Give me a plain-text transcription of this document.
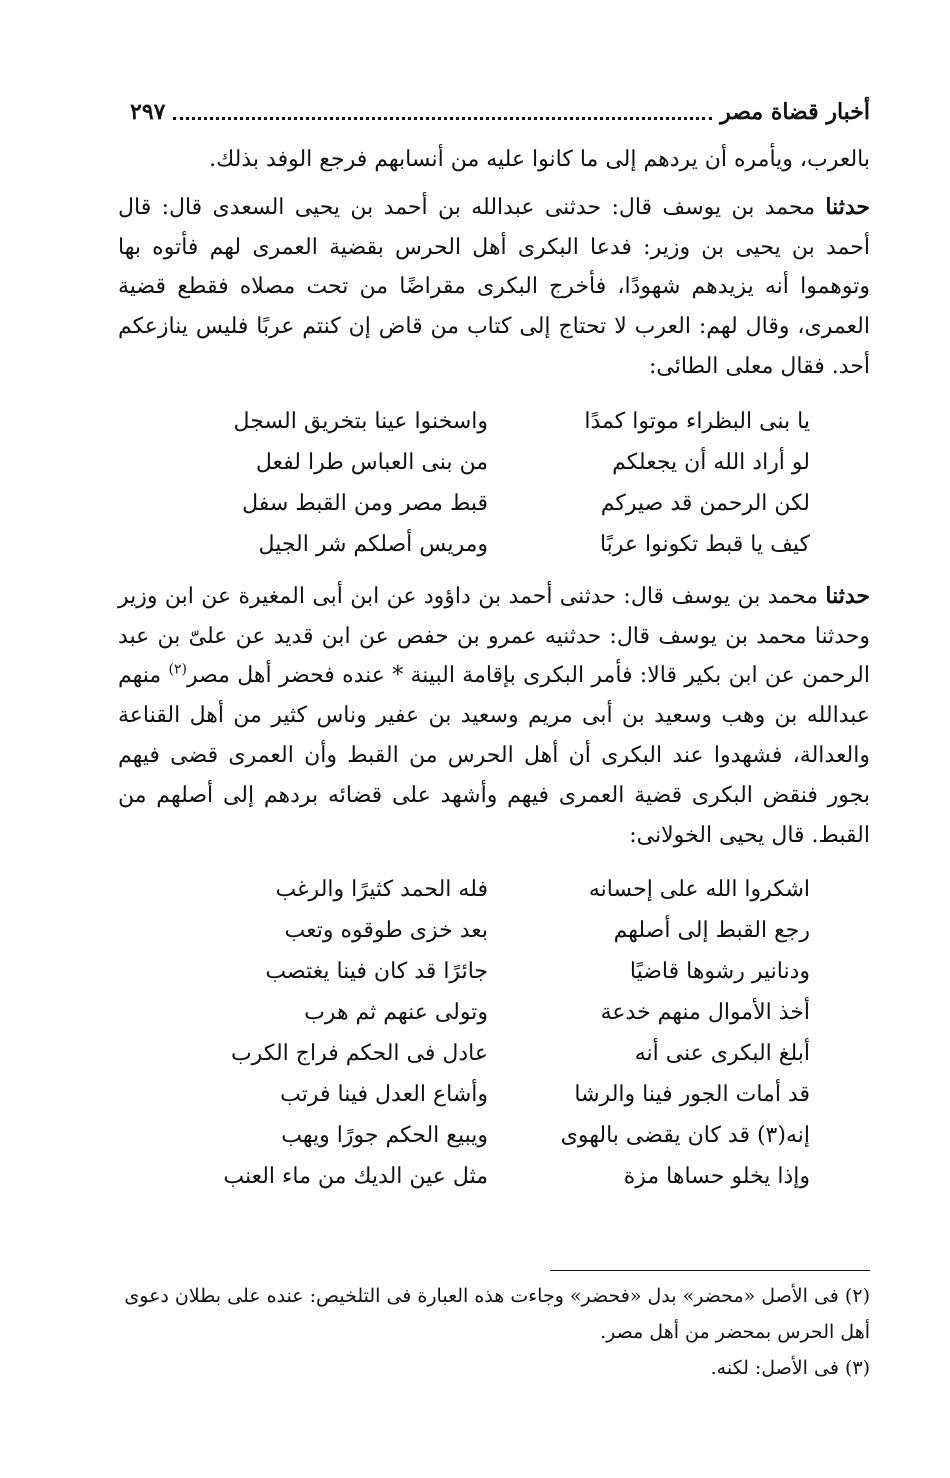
أخبار قضاة مصر
٢٩٧

بالعرب، ويأمره أن يردهم إلى ما كانوا عليه من أنسابهم فرجع الوفد بذلك.

حدثنا محمد بن يوسف قال: حدثنى عبدالله بن أحمد بن يحيى السعدى قال: قال أحمد بن يحيى بن وزير: فدعا البكرى أهل الحرس بقضية العمرى لهم فأتوه بها وتوهموا أنه يزيدهم شهودًا، فأخرج البكرى مقراضًا من تحت مصلاه فقطع قضية العمرى، وقال لهم: العرب لا تحتاج إلى كتاب من قاض إن كنتم عربًا فليس ينازعكم أحد. فقال معلى الطائى:

يا بنى البظراء موتوا كمدًا
واسخنوا عينا بتخريق السجل
لو أراد الله أن يجعلكم
من بنى العباس طرا لفعل
لكن الرحمن قد صيركم
قبط مصر ومن القبط سفل
كيف يا قبط تكونوا عربًا
ومريس أصلكم شر الجيل

حدثنا محمد بن يوسف قال: حدثنى أحمد بن داؤود عن ابن أبى المغيرة عن ابن وزير وحدثنا محمد بن يوسف قال: حدثنيه عمرو بن حفص عن ابن قديد عن علىّ بن عبد الرحمن عن ابن بكير قالا: فأمر البكرى بإقامة البينة * عنده فحضر أهل مصر$^{(٢)}$ منهم عبدالله بن وهب وسعيد بن أبى مريم وسعيد بن عفير وناس كثير من أهل القناعة والعدالة، فشهدوا عند البكرى أن أهل الحرس من القبط وأن العمرى قضى فيهم بجور فنقض البكرى قضية العمرى فيهم وأشهد على قضائه بردهم إلى أصلهم من القبط. قال يحيى الخولانى:

اشكروا الله على إحسانه
فله الحمد كثيرًا والرغب
رجع القبط إلى أصلهم
بعد خزى طوقوه وتعب
ودنانير رشوها قاضيًا
جائرًا قد كان فينا يغتصب
أخذ الأموال منهم خدعة
وتولى عنهم ثم هرب
أبلغ البكرى عنى أنه
عادل فى الحكم فراج الكرب
قد أمات الجور فينا والرشا
وأشاع العدل فينا فرتب
إنه(٣) قد كان يقضى بالهوى
ويبيع الحكم جورًا ويهب
وإذا يخلو حساها مزة
مثل عين الديك من ماء العنب

(٢) فى الأصل «محضر» بدل «فحضر» وجاءت هذه العبارة فى التلخيص: عنده على بطلان دعوى أهل الحرس بمحضر من أهل مصر.

(٣) فى الأصل: لكنه.
